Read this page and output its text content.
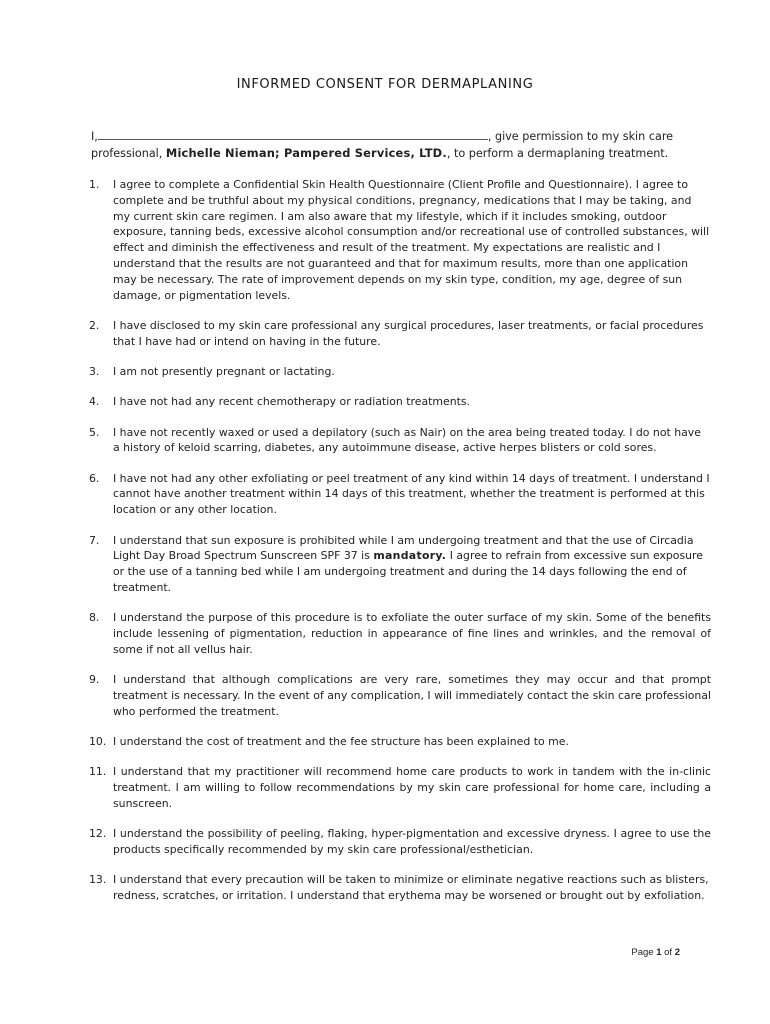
INFORMED CONSENT FOR DERMAPLANING
I,	, give permission to my skin care
professional, Michelle Nieman; Pampered Services, LTD., to perform a dermaplaning treatment.
1. I agree to complete a Confidential Skin Health Questionnaire (Client Profile and Questionnaire). I agree to complete and be truthful about my physical conditions, pregnancy, medications that I may be taking, and my current skin care regimen. I am also aware that my lifestyle, which if it includes smoking, outdoor exposure, tanning beds, excessive alcohol consumption and/or recreational use of controlled substances, will effect and diminish the effectiveness and result of the treatment. My expectations are realistic and I understand that the results are not guaranteed and that for maximum results, more than one application may be necessary. The rate of improvement depends on my skin type, condition, my age, degree of sun damage, or pigmentation levels.
2. I have disclosed to my skin care professional any surgical procedures, laser treatments, or facial procedures that I have had or intend on having in the future.
3. I am not presently pregnant or lactating.
4. I have not had any recent chemotherapy or radiation treatments.
5. I have not recently waxed or used a depilatory (such as Nair) on the area being treated today. I do not have a history of keloid scarring, diabetes, any autoimmune disease, active herpes blisters or cold sores.
6. I have not had any other exfoliating or peel treatment of any kind within 14 days of treatment. I understand I cannot have another treatment within 14 days of this treatment, whether the treatment is performed at this location or any other location.
7. I understand that sun exposure is prohibited while I am undergoing treatment and that the use of Circadia Light Day Broad Spectrum Sunscreen SPF 37 is mandatory. I agree to refrain from excessive sun exposure or the use of a tanning bed while I am undergoing treatment and during the 14 days following the end of treatment.
8. I understand the purpose of this procedure is to exfoliate the outer surface of my skin. Some of the benefits include lessening of pigmentation, reduction in appearance of fine lines and wrinkles, and the removal of some if not all vellus hair.
9. I understand that although complications are very rare, sometimes they may occur and that prompt treatment is necessary. In the event of any complication, I will immediately contact the skin care professional who performed the treatment.
10. I understand the cost of treatment and the fee structure has been explained to me.
11. I understand that my practitioner will recommend home care products to work in tandem with the in-clinic treatment. I am willing to follow recommendations by my skin care professional for home care, including a sunscreen.
12. I understand the possibility of peeling, flaking, hyper-pigmentation and excessive dryness. I agree to use the products specifically recommended by my skin care professional/esthetician.
13. I understand that every precaution will be taken to minimize or eliminate negative reactions such as blisters, redness, scratches, or irritation. I understand that erythema may be worsened or brought out by exfoliation.
Page 1 of 2
